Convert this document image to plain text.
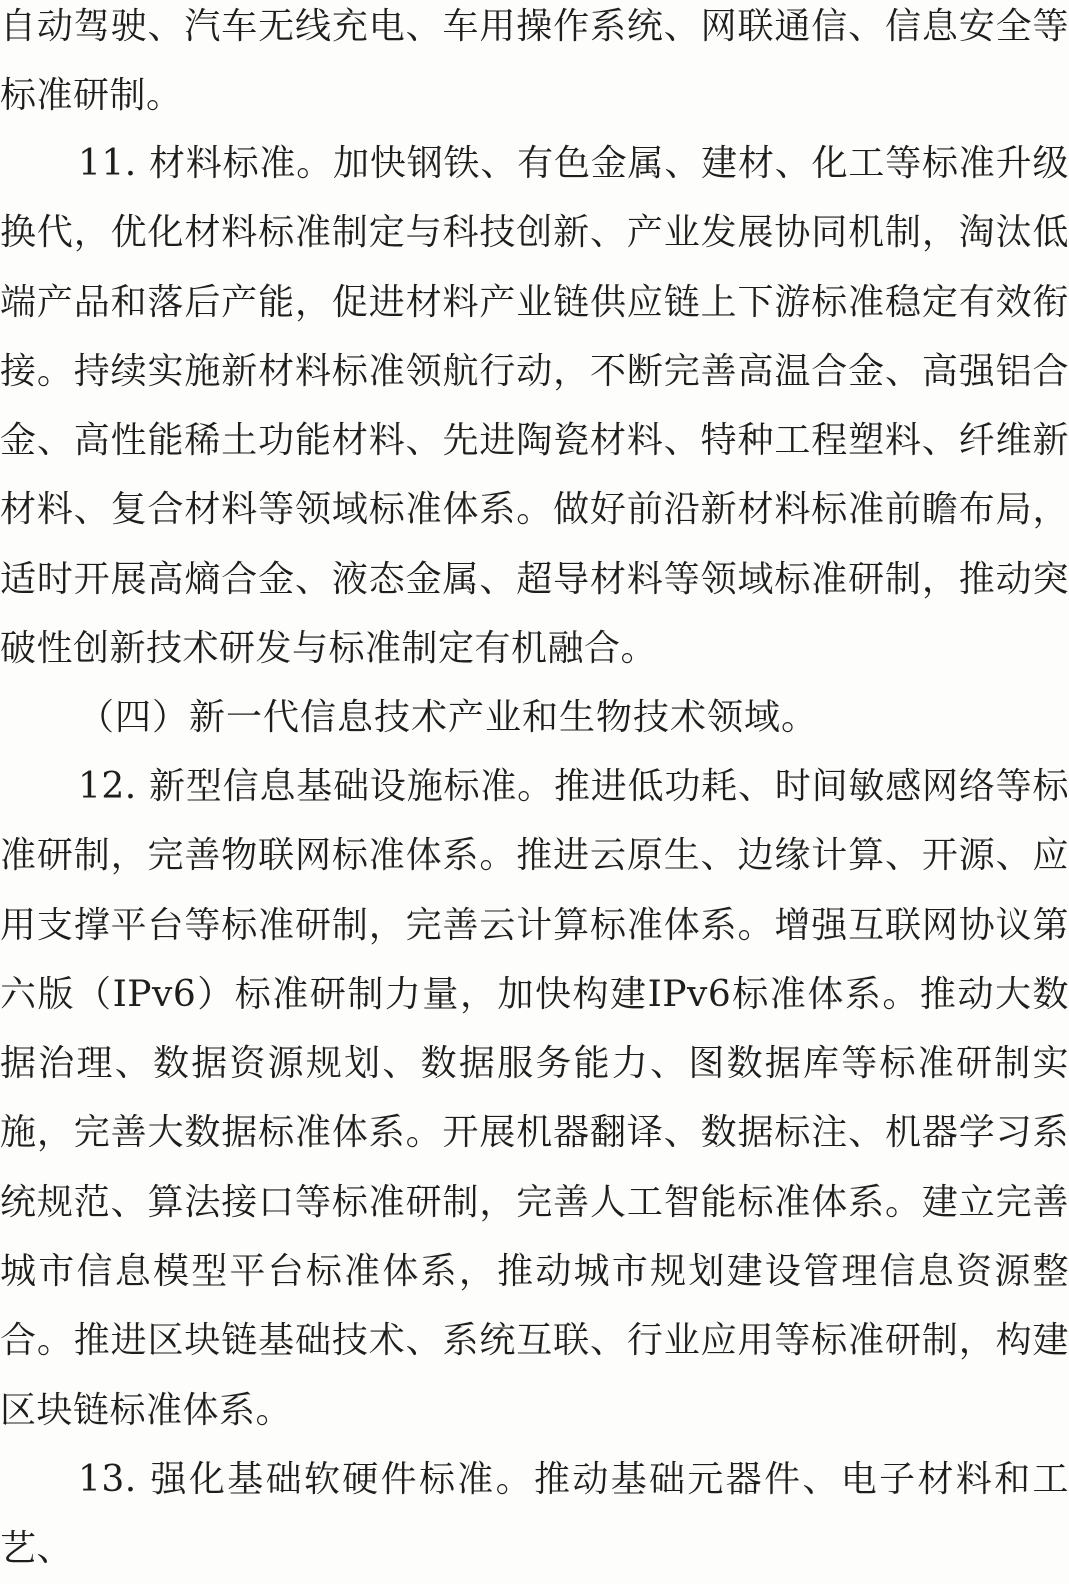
自动驾驶、汽车无线充电、车用操作系统、网联通信、信息安全等标准研制。

11. 材料标准。加快钢铁、有色金属、建材、化工等标准升级换代，优化材料标准制定与科技创新、产业发展协同机制，淘汰低端产品和落后产能，促进材料产业链供应链上下游标准稳定有效衔接。持续实施新材料标准领航行动，不断完善高温合金、高强铝合金、高性能稀土功能材料、先进陶瓷材料、特种工程塑料、纤维新材料、复合材料等领域标准体系。做好前沿新材料标准前瞻布局，适时开展高熵合金、液态金属、超导材料等领域标准研制，推动突破性创新技术研发与标准制定有机融合。

（四）新一代信息技术产业和生物技术领域。

12. 新型信息基础设施标准。推进低功耗、时间敏感网络等标准研制，完善物联网标准体系。推进云原生、边缘计算、开源、应用支撑平台等标准研制，完善云计算标准体系。增强互联网协议第六版（IPv6）标准研制力量，加快构建IPv6标准体系。推动大数据治理、数据资源规划、数据服务能力、图数据库等标准研制实施，完善大数据标准体系。开展机器翻译、数据标注、机器学习系统规范、算法接口等标准研制，完善人工智能标准体系。建立完善城市信息模型平台标准体系，推动城市规划建设管理信息资源整合。推进区块链基础技术、系统互联、行业应用等标准研制，构建区块链标准体系。

13. 强化基础软硬件标准。推动基础元器件、电子材料和工艺、
